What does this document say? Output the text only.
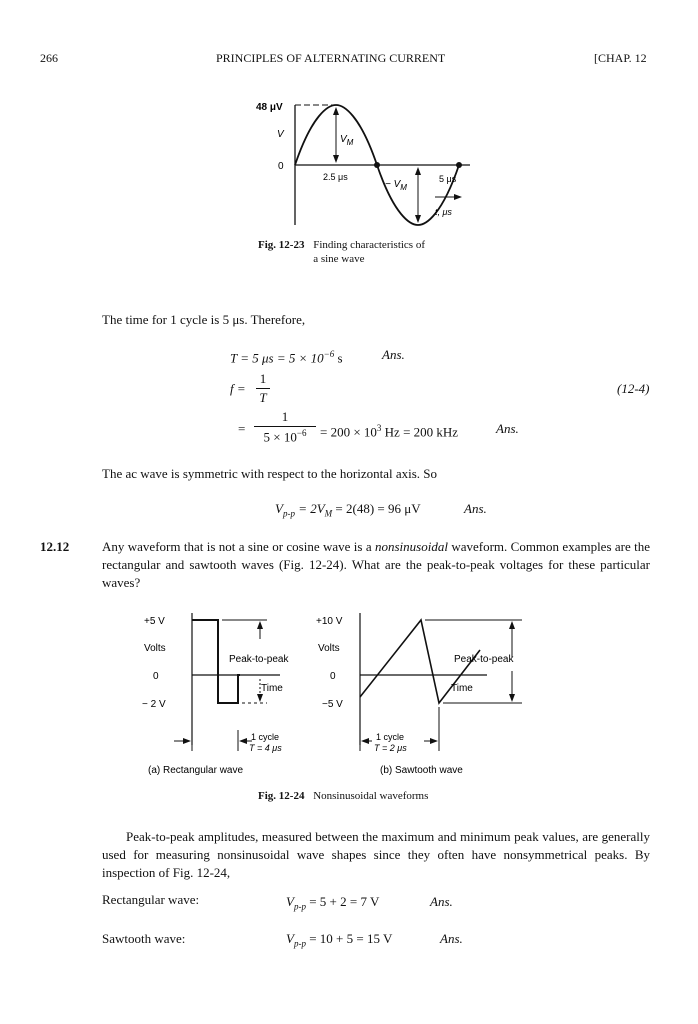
266	PRINCIPLES OF ALTERNATING CURRENT	[CHAP. 12
48 μV
V	$V_M$
0
2.5 μs	5 μs
− $V_M$
t, μs
Fig. 12-23 Finding characteristics of
a sine wave
The time for 1 cycle is 5 μs. Therefore,
T = 5 $\mu s = 5 \times 10^{-6}$ s	Ans.
f =
1
T
(12-4)
=
1
$5 \times 10^{-6}$	= $200 \times 10^3$ Hz = 200 kHz	Ans.
The ac wave is symmetric with respect to the horizontal axis. So
$V_{p-p} = 2V_M = 2(48) = 96$ μV	Ans.
12.12	Any waveform that is not a sine or cosine wave is a nonsinusoidal waveform. Common examples are the rectangular and sawtooth waves (Fig. 12-24). What are the peak-to-peak voltages for these particular waves?
+5 V
Volts
0
− 2 V
Peak-to-peak
Time
1 cycle
T = 4 μs
(a) Rectangular wave
+10 V
Volts
0
−5 V
Peak-to-peak
Time
1 cycle
T = 2 μs
(b) Sawtooth wave
Fig. 12-24 Nonsinusoidal waveforms
Peak-to-peak amplitudes, measured between the maximum and minimum peak values, are generally used for measuring nonsinusoidal wave shapes since they often have nonsymmetrical peaks. By inspection of Fig. 12-24,
Rectangular wave:	$V_{p-p} = 5 + 2 = 7$ V	Ans.
Sawtooth wave:	$V_{p-p} = 10 + 5 = 15$ V	Ans.
